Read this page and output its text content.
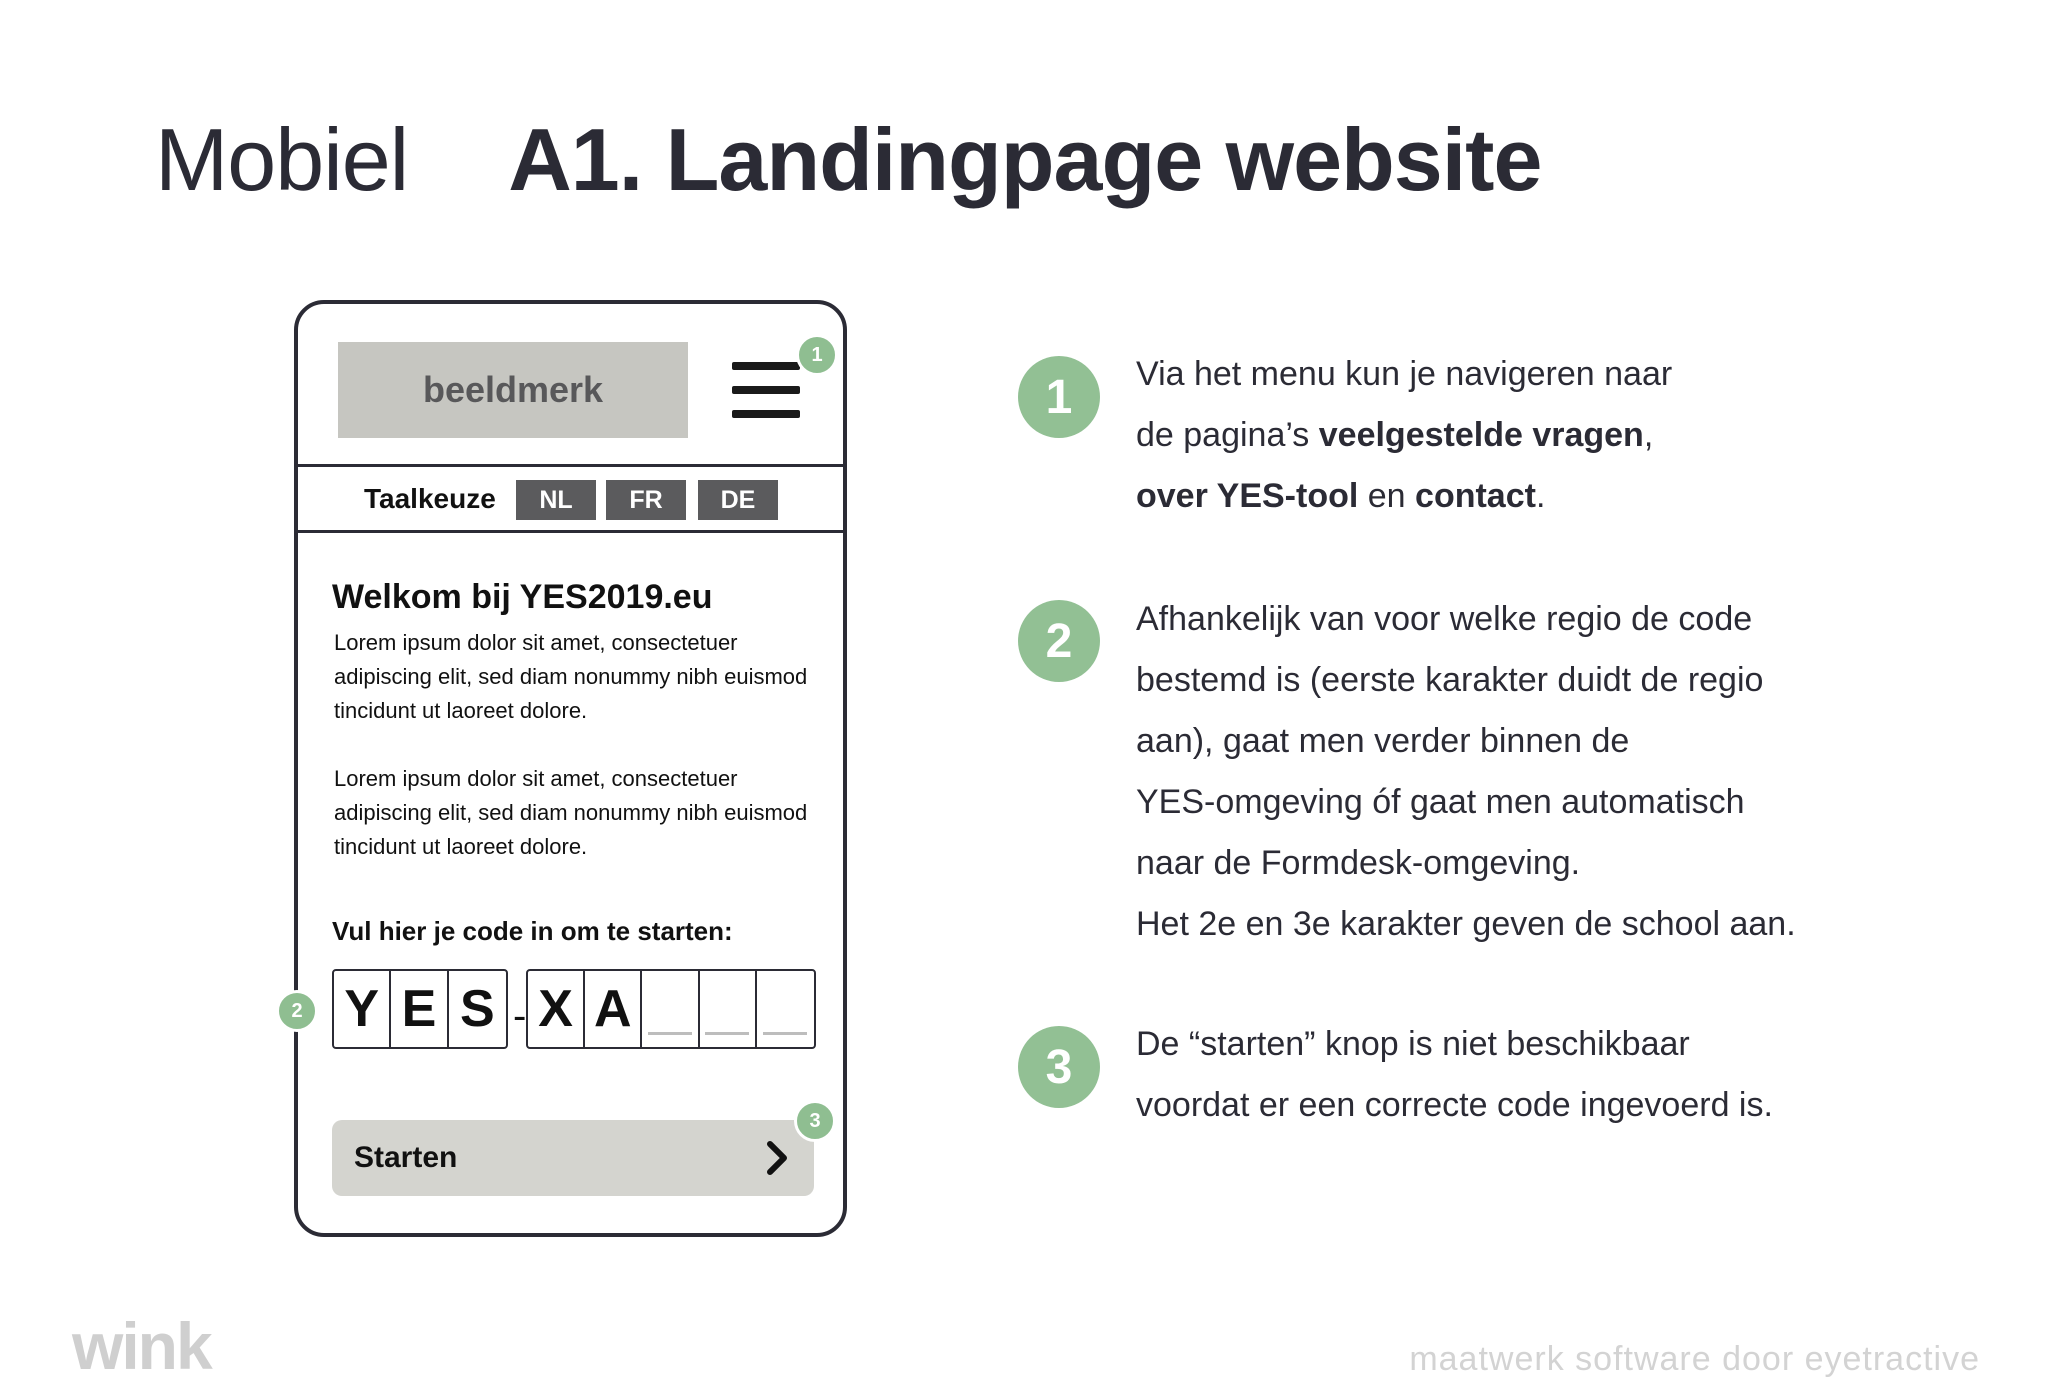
Mobiel A1. Landingpage website
beeldmerk
1
Taalkeuze	NL	FR	DE
Welkom bij YES2019.eu

Lorem ipsum dolor sit amet, consectetuer adipiscing elit, sed diam nonummy nibh euismod tincidunt ut laoreet dolore.

Lorem ipsum dolor sit amet, consectetuer adipiscing elit, sed diam nonummy nibh euismod tincidunt ut laoreet dolore.

Vul hier je code in om te starten:
2 Y E S - X A
Starten
3
1	Via het menu kun je navigeren naar
de pagina’s veelgestelde vragen,
over YES-tool en contact.

2	Afhankelijk van voor welke regio de code
bestemd is (eerste karakter duidt de regio
aan), gaat men verder binnen de
YES-omgeving óf gaat men automatisch
naar de Formdesk-omgeving.
Het 2e en 3e karakter geven de school aan.

3	De “starten” knop is niet beschikbaar
voordat er een correcte code ingevoerd is.

wink	maatwerk software door eyetractive
